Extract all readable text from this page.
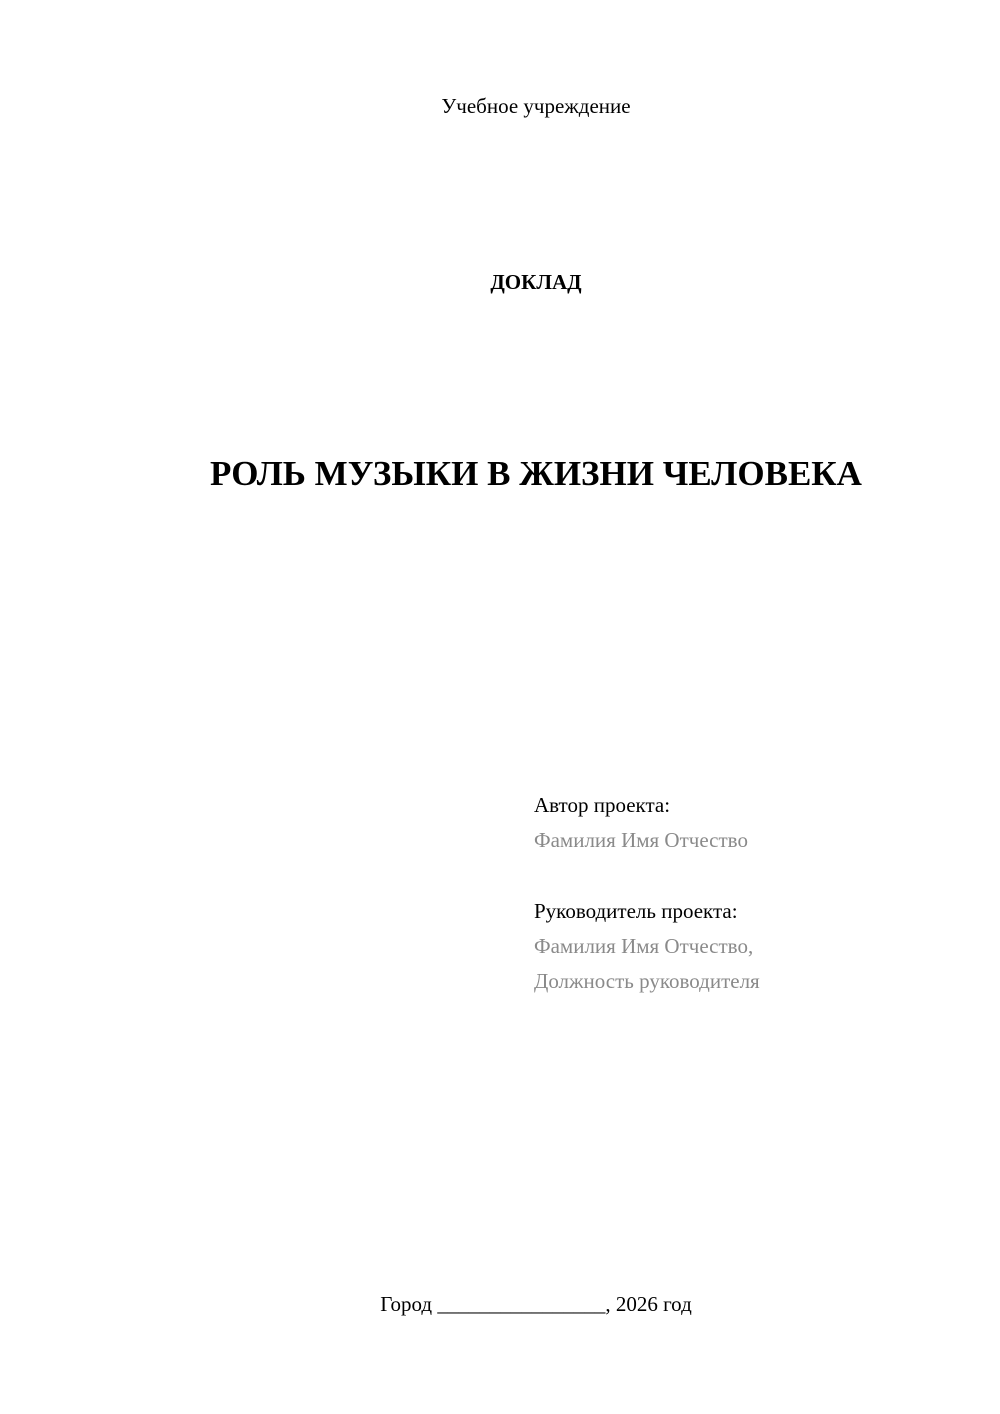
Учебное учреждение
ДОКЛАД
РОЛЬ МУЗЫКИ В ЖИЗНИ ЧЕЛОВЕКА
Автор проекта:
Фамилия Имя Отчество
Руководитель проекта:
Фамилия Имя Отчество,
Должность руководителя
Город ________________, 2026 год
